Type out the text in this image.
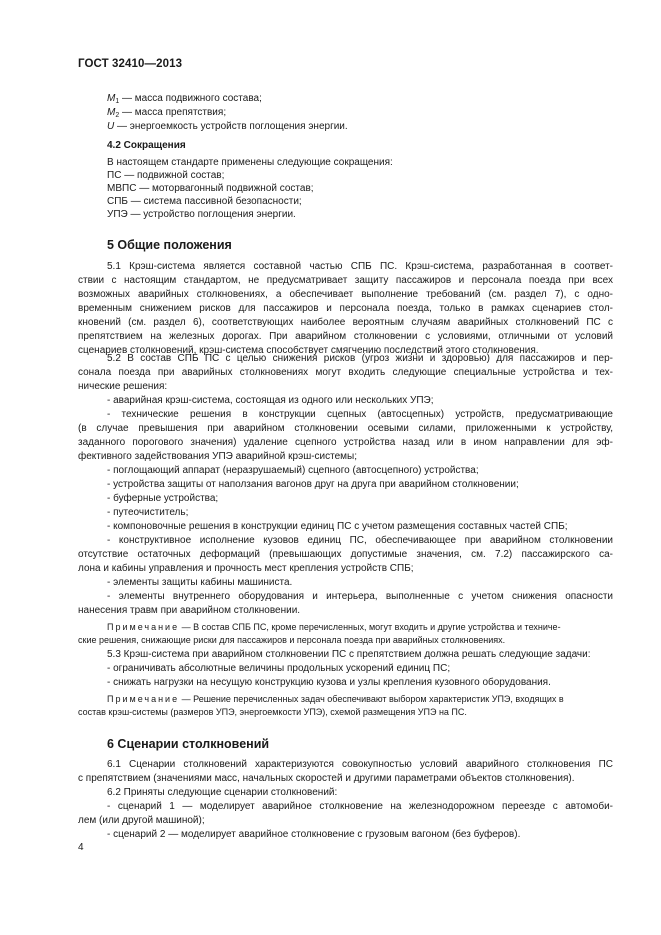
ГОСТ 32410—2013
$M_1$ — масса подвижного состава;
$M_2$ — масса препятствия;
U — энергоемкость устройств поглощения энергии.
4.2 Сокращения
В настоящем стандарте применены следующие сокращения:
ПС — подвижной состав;
МВПС — моторвагонный подвижной состав;
СПБ — система пассивной безопасности;
УПЭ — устройство поглощения энергии.
5 Общие положения
5.1 Крэш-система является составной частью СПБ ПС. Крэш-система, разработанная в соответ-
ствии с настоящим стандартом, не предусматривает защиту пассажиров и персонала поезда при всех
возможных аварийных столкновениях, а обеспечивает выполнение требований (см. раздел 7), с одно-
временным снижением рисков для пассажиров и персонала поезда, только в рамках сценариев стол-
кновений (см. раздел 6), соответствующих наиболее вероятным случаям аварийных столкновений ПС с
препятствием на железных дорогах. При аварийном столкновении с условиями, отличными от условий
сценариев столкновений, крэш-система способствует смягчению последствий этого столкновения.
5.2 В состав СПБ ПС с целью снижения рисков (угроз жизни и здоровью) для пассажиров и пер-
сонала поезда при аварийных столкновениях могут входить следующие специальные устройства и тех-
нические решения:
- аварийная крэш-система, состоящая из одного или нескольких УПЭ;
- технические решения в конструкции сцепных (автосцепных) устройств, предусматривающие
(в случае превышения при аварийном столкновении осевыми силами, приложенными к устройству,
заданного порогового значения) удаление сцепного устройства назад или в ином направлении для эф-
фективного задействования УПЭ аварийной крэш-системы;
- поглощающий аппарат (неразрушаемый) сцепного (автосцепного) устройства;
- устройства защиты от наползания вагонов друг на друга при аварийном столкновении;
- буферные устройства;
- путеочиститель;
- компоновочные решения в конструкции единиц ПС с учетом размещения составных частей СПБ;
- конструктивное исполнение кузовов единиц ПС, обеспечивающее при аварийном столкновении
отсутствие остаточных деформаций (превышающих допустимые значения, см. 7.2) пассажирского са-
лона и кабины управления и прочность мест крепления устройств СПБ;
- элементы защиты кабины машиниста.
- элементы внутреннего оборудования и интерьера, выполненные с учетом снижения опасности
нанесения травм при аварийном столкновении.
Примечание — В состав СПБ ПС, кроме перечисленных, могут входить и другие устройства и техниче-
ские решения, снижающие риски для пассажиров и персонала поезда при аварийных столкновениях.
5.3 Крэш-система при аварийном столкновении ПС с препятствием должна решать следующие задачи:
- ограничивать абсолютные величины продольных ускорений единиц ПС;
- снижать нагрузки на несущую конструкцию кузова и узлы крепления кузовного оборудования.
Примечание — Решение перечисленных задач обеспечивают выбором характеристик УПЭ, входящих в
состав крэш-системы (размеров УПЭ, энергоемкости УПЭ), схемой размещения УПЭ на ПС.
6 Сценарии столкновений
6.1 Сценарии столкновений характеризуются совокупностью условий аварийного столкновения ПС
с препятствием (значениями масс, начальных скоростей и другими параметрами объектов столкновения).
6.2 Приняты следующие сценарии столкновений:
- сценарий 1 — моделирует аварийное столкновение на железнодорожном переезде с автомоби-
лем (или другой машиной);
- сценарий 2 — моделирует аварийное столкновение с грузовым вагоном (без буферов).
4
